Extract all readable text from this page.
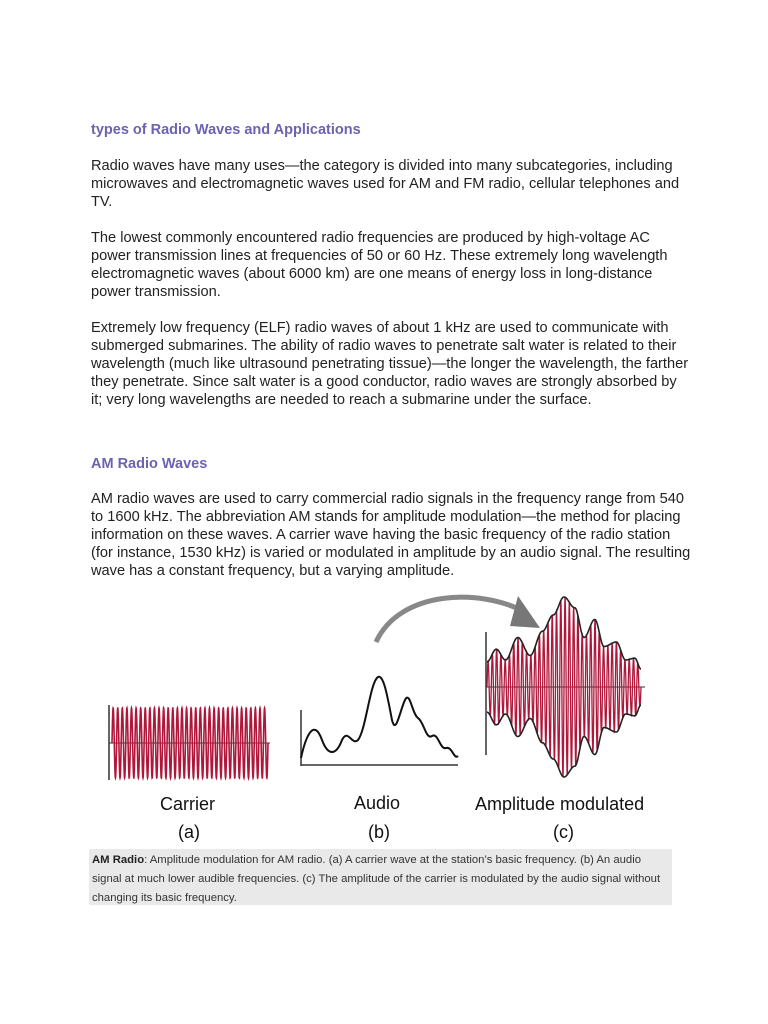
types of Radio Waves and Applications

Radio waves have many uses—the category is divided into many subcategories, including microwaves and electromagnetic waves used for AM and FM radio, cellular telephones and TV.

The lowest commonly encountered radio frequencies are produced by high-voltage AC power transmission lines at frequencies of 50 or 60 Hz. These extremely long wavelength electromagnetic waves (about 6000 km) are one means of energy loss in long-distance power transmission.

Extremely low frequency (ELF) radio waves of about 1 kHz are used to communicate with submerged submarines. The ability of radio waves to penetrate salt water is related to their wavelength (much like ultrasound penetrating tissue)—the longer the wavelength, the farther they penetrate. Since salt water is a good conductor, radio waves are strongly absorbed by it; very long wavelengths are needed to reach a submarine under the surface.

AM Radio Waves

AM radio waves are used to carry commercial radio signals in the frequency range from 540 to 1600 kHz. The abbreviation AM stands for amplitude modulation—the method for placing information on these waves. A carrier wave having the basic frequency of the radio station (for instance, 1530 kHz) is varied or modulated in amplitude by an audio signal. The resulting wave has a constant frequency, but a varying amplitude.

Carrier
(a)
Audio
(b)
Amplitude modulated
(c)
AM Radio: Amplitude modulation for AM radio. (a) A carrier wave at the station’s basic frequency. (b) An audio signal at much lower audible frequencies. (c) The amplitude of the carrier is modulated by the audio signal without changing its basic frequency.
